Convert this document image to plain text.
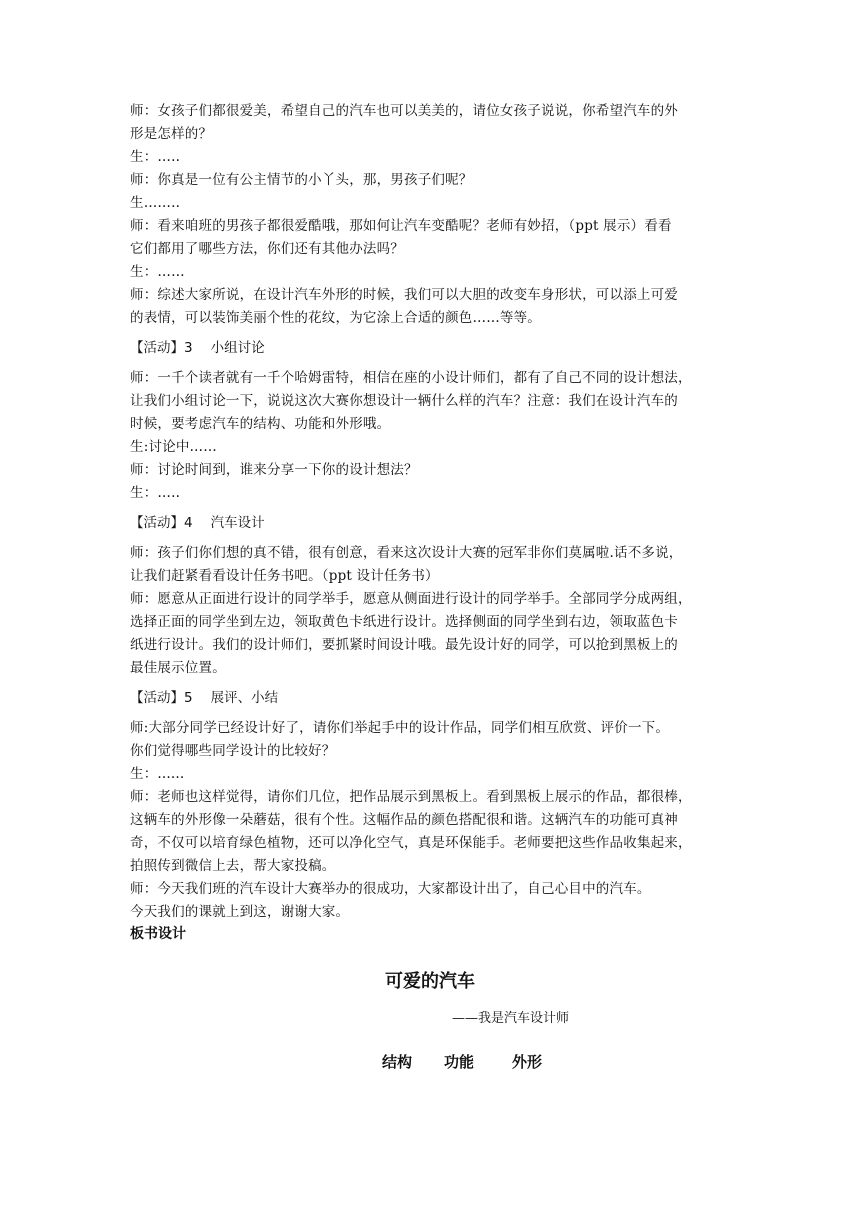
师：女孩子们都很爱美，希望自己的汽车也可以美美的，请位女孩子说说，你希望汽车的外
形是怎样的？
生：…..
师：你真是一位有公主情节的小丫头，那，男孩子们呢？
生……..
师：看来咱班的男孩子都很爱酷哦，那如何让汽车变酷呢？老师有妙招，（ppt 展示）看看
它们都用了哪些方法，你们还有其他办法吗？
生：……
师：综述大家所说，在设计汽车外形的时候，我们可以大胆的改变车身形状，可以添上可爱
的表情，可以装饰美丽个性的花纹，为它涂上合适的颜色……等等。
【活动】3 小组讨论
师：一千个读者就有一千个哈姆雷特，相信在座的小设计师们，都有了自己不同的设计想法，
让我们小组讨论一下，说说这次大赛你想设计一辆什么样的汽车？注意：我们在设计汽车的
时候，要考虑汽车的结构、功能和外形哦。
生:讨论中……
师：讨论时间到，谁来分享一下你的设计想法？
生：…..
【活动】4 汽车设计
师：孩子们你们想的真不错，很有创意，看来这次设计大赛的冠军非你们莫属啦.话不多说，
让我们赶紧看看设计任务书吧。（ppt 设计任务书）
师：愿意从正面进行设计的同学举手，愿意从侧面进行设计的同学举手。全部同学分成两组，
选择正面的同学坐到左边，领取黄色卡纸进行设计。选择侧面的同学坐到右边，领取蓝色卡
纸进行设计。我们的设计师们，要抓紧时间设计哦。最先设计好的同学，可以抢到黑板上的
最佳展示位置。
【活动】5 展评、小结
师:大部分同学已经设计好了，请你们举起手中的设计作品，同学们相互欣赏、评价一下。
你们觉得哪些同学设计的比较好？
生：......
师：老师也这样觉得，请你们几位，把作品展示到黑板上。看到黑板上展示的作品，都很棒，
这辆车的外形像一朵蘑菇，很有个性。这幅作品的颜色搭配很和谐。这辆汽车的功能可真神
奇，不仅可以培育绿色植物，还可以净化空气，真是环保能手。老师要把这些作品收集起来，
拍照传到微信上去，帮大家投稿。
师：今天我们班的汽车设计大赛举办的很成功，大家都设计出了，自己心目中的汽车。
今天我们的课就上到这，谢谢大家。
板书设计
可爱的汽车
——我是汽车设计师
结构 功能	外形
